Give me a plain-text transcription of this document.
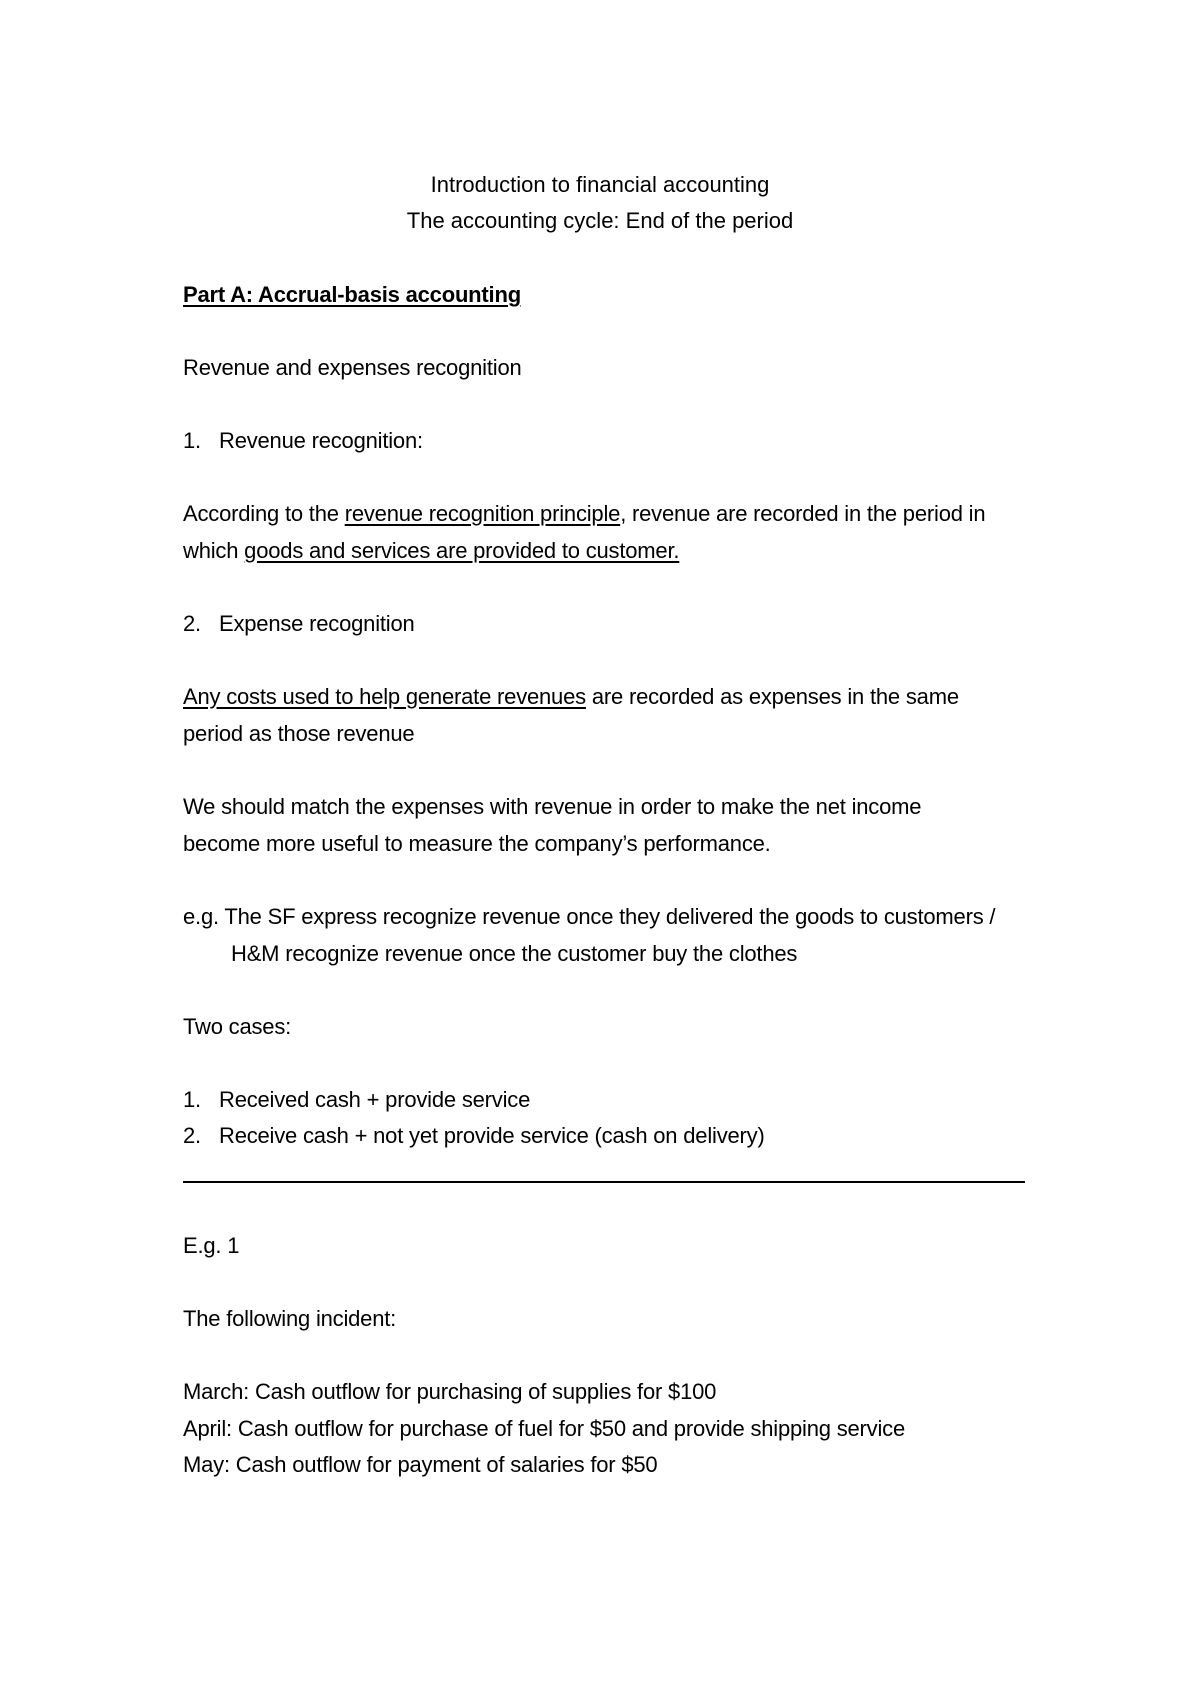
Introduction to financial accounting
The accounting cycle: End of the period
Part A: Accrual-basis accounting
Revenue and expenses recognition
1. Revenue recognition:
According to the revenue recognition principle, revenue are recorded in the period in
which goods and services are provided to customer.
2. Expense recognition
Any costs used to help generate revenues are recorded as expenses in the same
period as those revenue
We should match the expenses with revenue in order to make the net income
become more useful to measure the company’s performance.
e.g. The SF express recognize revenue once they delivered the goods to customers /
H&M recognize revenue once the customer buy the clothes
Two cases:
1. Received cash + provide service
2. Receive cash + not yet provide service (cash on delivery)
E.g. 1
The following incident:
March: Cash outflow for purchasing of supplies for $100
April: Cash outflow for purchase of fuel for $50 and provide shipping service
May: Cash outflow for payment of salaries for $50
